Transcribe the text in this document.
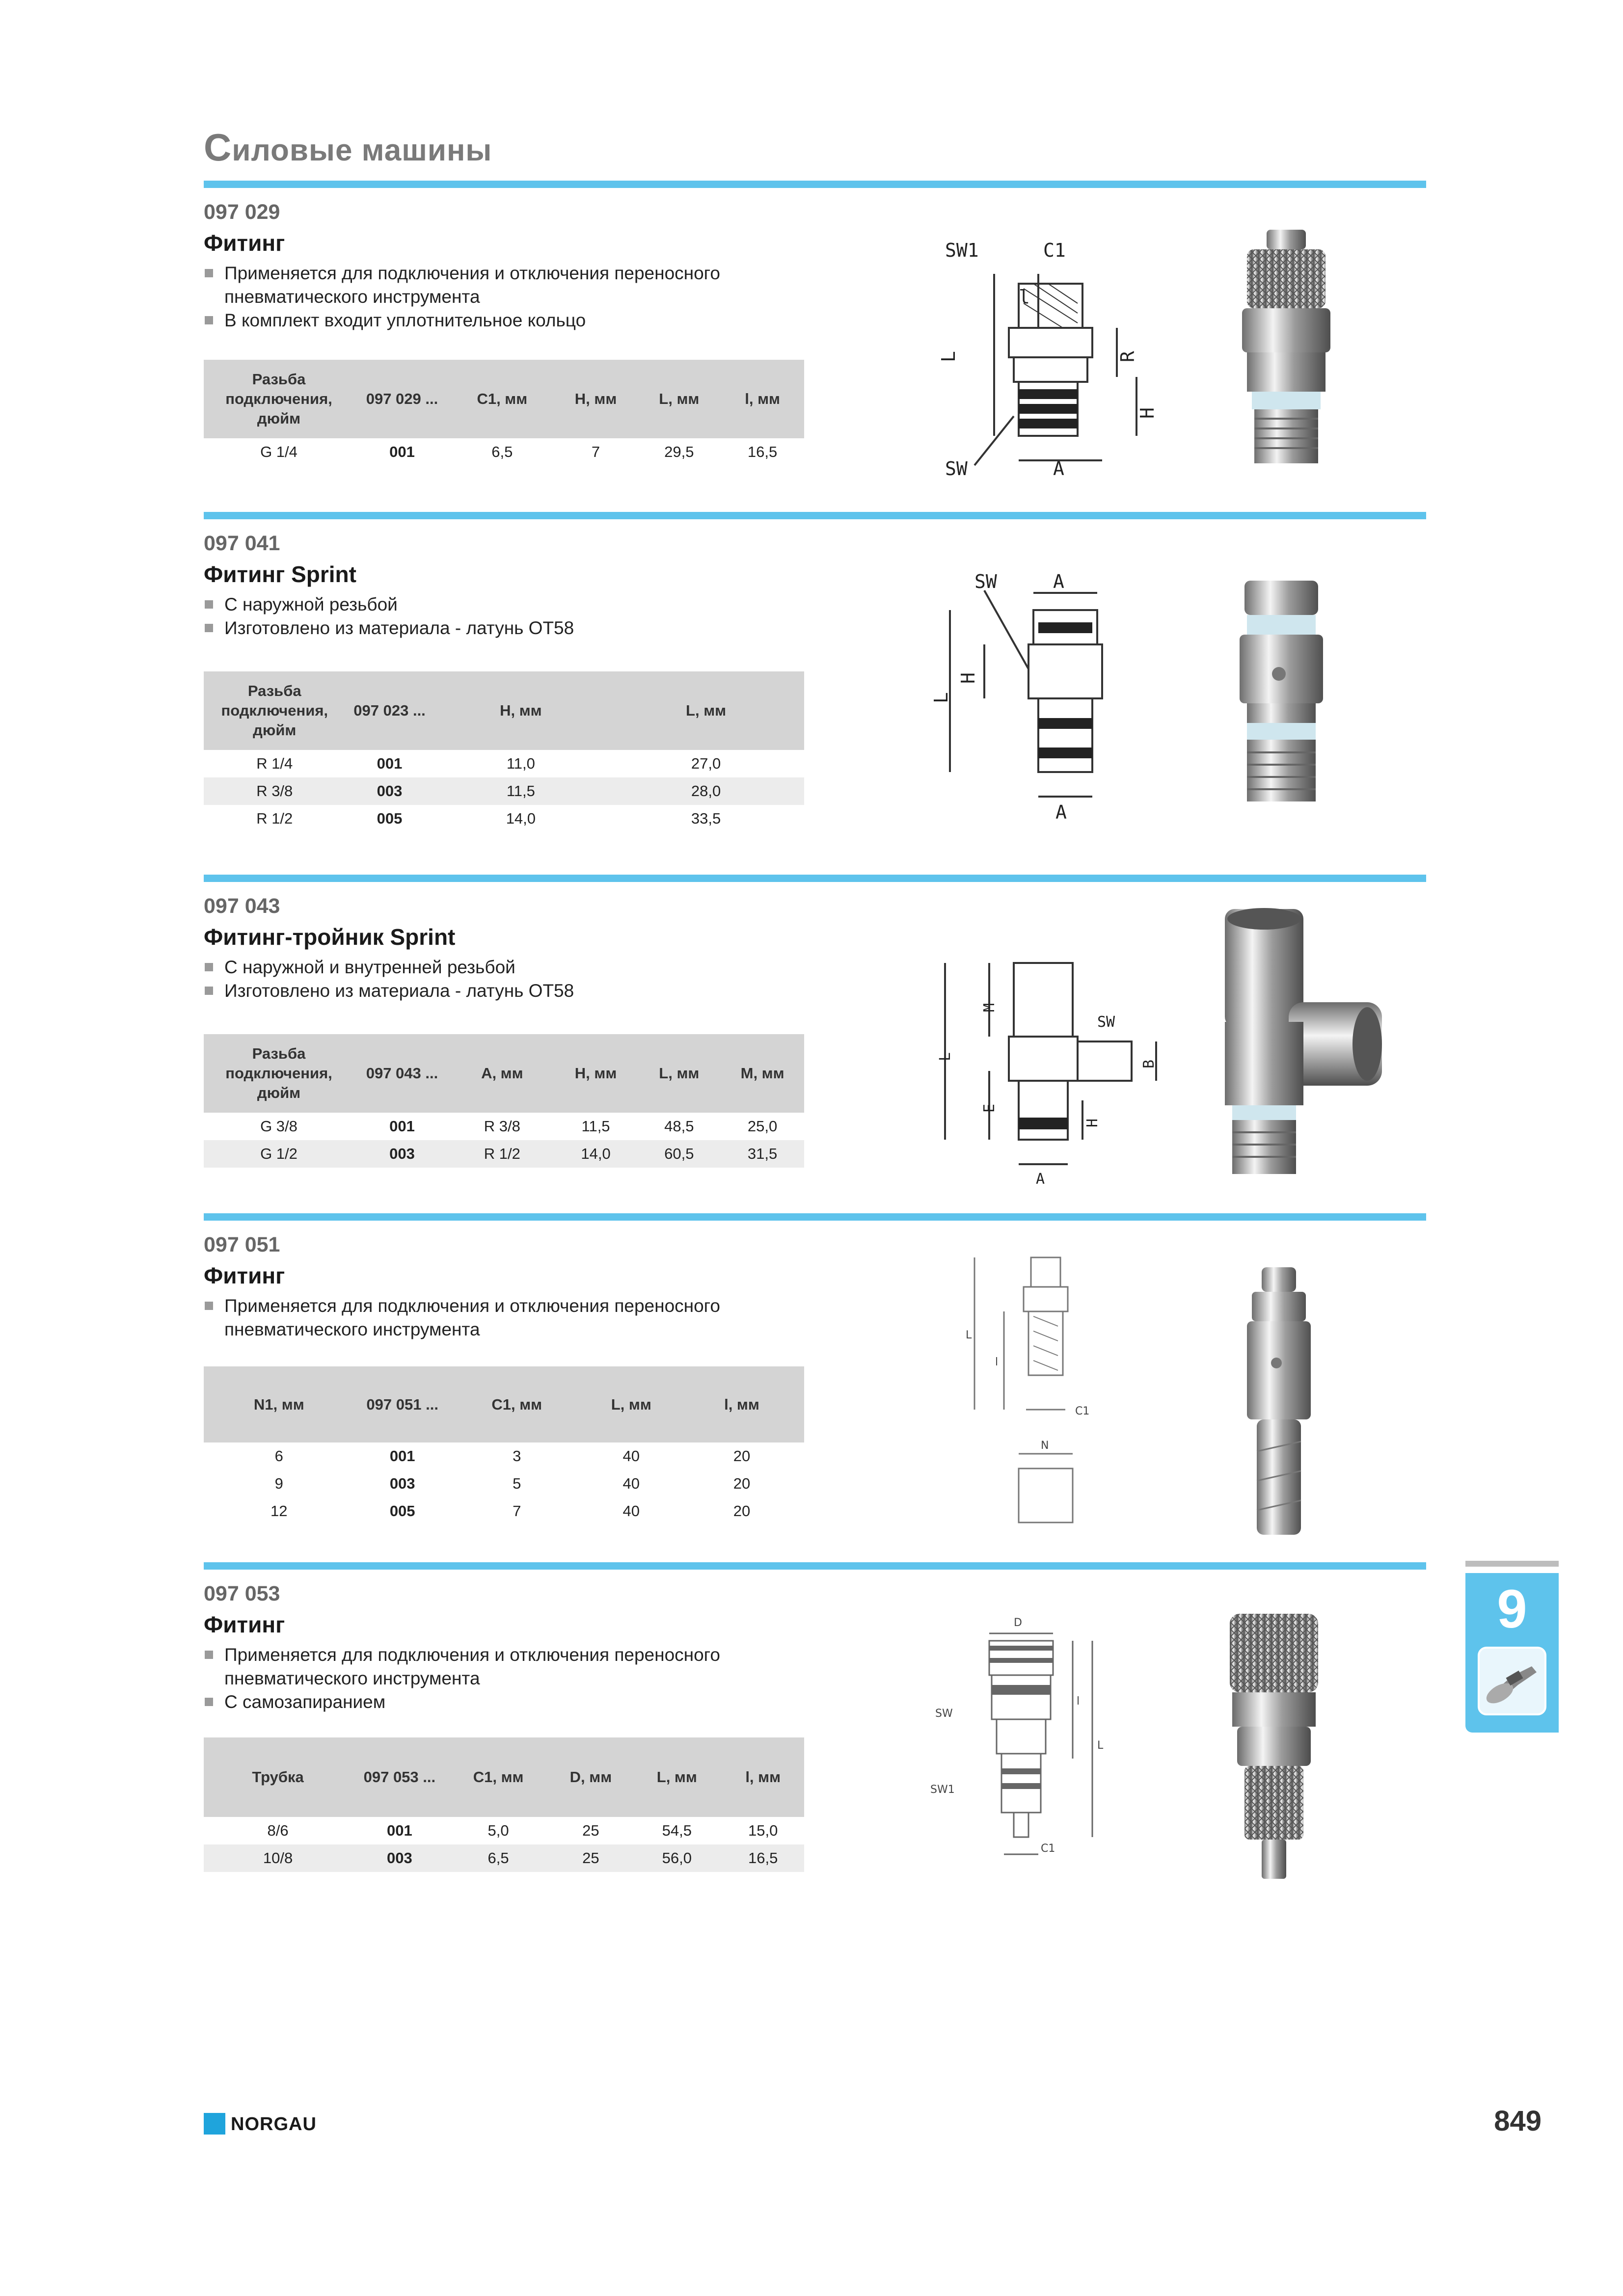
Силовые машины
097 029
Фитинг
Применяется для подключения и отключения переносного пневматического инструмента
В комплект входит уплотнительное кольцо
Разьба подключения, дюйм	097 029 ...	C1, мм	H, мм	L, мм	l, мм
G 1/4	001	6,5	7	29,5	16,5
SW1	C1
l
L	R
H
SW	A
097 041
Фитинг Sprint
С наружной резьбой
Изготовлено из материала - латунь ОТ58
Разьба подключения, дюйм	097 023 ...	H, мм	L, мм
R 1/4	001	11,0	27,0
R 3/8	003	11,5	28,0
R 1/2	005	14,0	33,5
SW	A
H
L
A
097 043
Фитинг-тройник Sprint
С наружной и внутренней резьбой
Изготовлено из материала - латунь ОТ58
Разьба подключения, дюйм	097 043 ...	A, мм	H, мм	L, мм	M, мм
G 3/8	001	R 3/8	11,5	48,5	25,0
G 1/2	003	R 1/2	14,0	60,5	31,5
M
SW
L
B
E
H
A
097 051
Фитинг
Применяется для подключения и отключения переносного пневматического инструмента
N1, мм	097 051 ...	C1, мм	L, мм	l, мм
6	001	3	40	20
9	003	5	40	20
12	005	7	40	20
L
l
C1
N
097 053
Фитинг
Применяется для подключения и отключения переносного пневматического инструмента
С самозапиранием
Трубка	097 053 ...	C1, мм	D, мм	L, мм	l, мм
8/6	001	5,0	25	54,5	15,0
10/8	003	6,5	25	56,0	16,5
D
SW
L
l
SW1
C1
9
NORGAU	849
